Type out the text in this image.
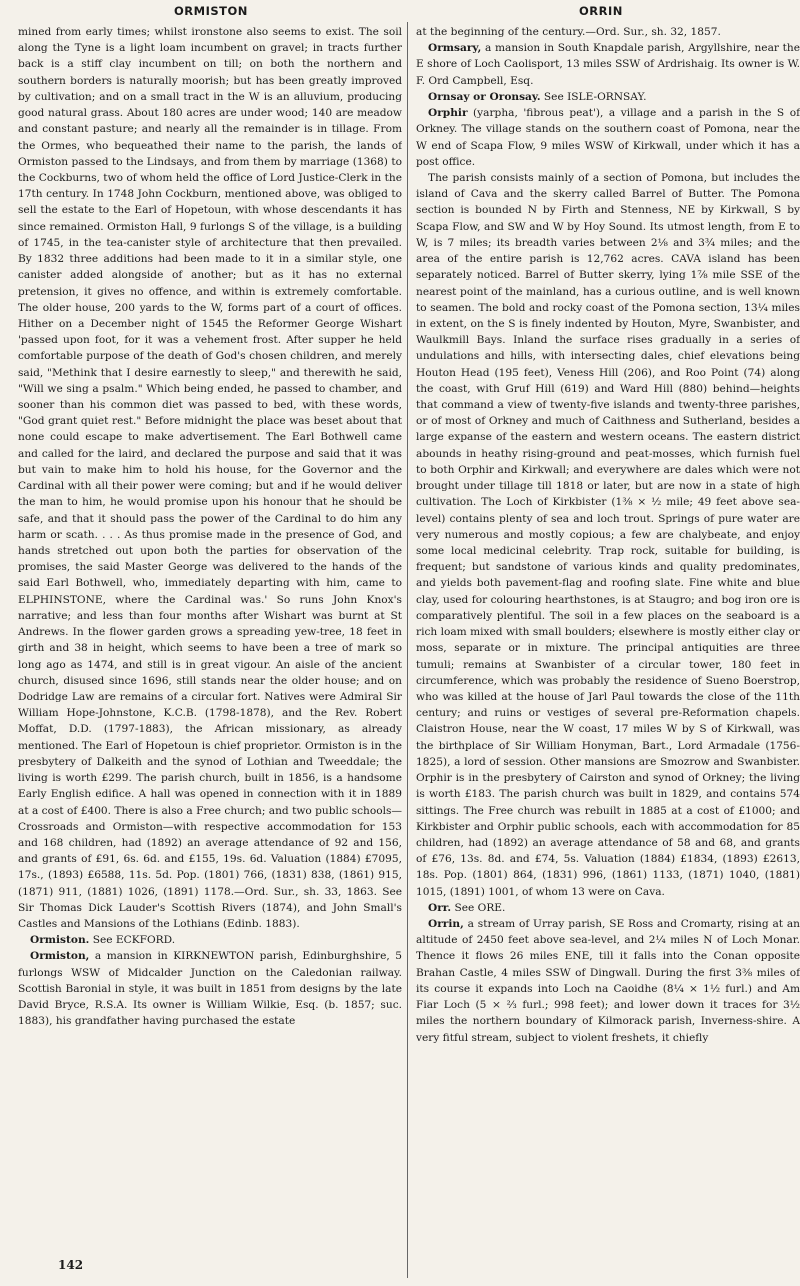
ORMISTON	ORRIN

mined from early times; whilst ironstone also seems to exist. The soil along the Tyne is a light loam incumbent on gravel; in tracts further back is a stiff clay incumbent on till; on both the northern and southern borders is naturally moorish; but has been greatly improved by cultivation; and on a small tract in the W is an alluvium, producing good natural grass. About 180 acres are under wood; 140 are meadow and constant pasture; and nearly all the remainder is in tillage. From the Ormes, who bequeathed their name to the parish, the lands of Ormiston passed to the Lindsays, and from them by marriage (1368) to the Cockburns, two of whom held the office of Lord Justice-Clerk in the 17th century. In 1748 John Cockburn, mentioned above, was obliged to sell the estate to the Earl of Hopetoun, with whose descendants it has since remained. Ormiston Hall, 9 furlongs S of the village, is a building of 1745, in the tea-canister style of architecture that then prevailed. By 1832 three additions had been made to it in a similar style, one canister added alongside of another; but as it has no external pretension, it gives no offence, and within is extremely comfortable. The older house, 200 yards to the W, forms part of a court of offices. Hither on a December night of 1545 the Reformer George Wishart 'passed upon foot, for it was a vehement frost. After supper he held comfortable purpose of the death of God's chosen children, and merely said, "Methink that I desire earnestly to sleep," and therewith he said, "Will we sing a psalm." Which being ended, he passed to chamber, and sooner than his common diet was passed to bed, with these words, "God grant quiet rest." Before midnight the place was beset about that none could escape to make advertisement. The Earl Bothwell came and called for the laird, and declared the purpose and said that it was but vain to make him to hold his house, for the Governor and the Cardinal with all their power were coming; but and if he would deliver the man to him, he would promise upon his honour that he should be safe, and that it should pass the power of the Cardinal to do him any harm or scath. . . . As thus promise made in the presence of God, and hands stretched out upon both the parties for observation of the promises, the said Master George was delivered to the hands of the said Earl Bothwell, who, immediately departing with him, came to ELPHINSTONE, where the Cardinal was.' So runs John Knox's narrative; and less than four months after Wishart was burnt at St Andrews. In the flower garden grows a spreading yew-tree, 18 feet in girth and 38 in height, which seems to have been a tree of mark so long ago as 1474, and still is in great vigour. An aisle of the ancient church, disused since 1696, still stands near the older house; and on Dodridge Law are remains of a circular fort. Natives were Admiral Sir William Hope-Johnstone, K.C.B. (1798-1878), and the Rev. Robert Moffat, D.D. (1797-1883), the African missionary, as already mentioned. The Earl of Hopetoun is chief proprietor. Ormiston is in the presbytery of Dalkeith and the synod of Lothian and Tweeddale; the living is worth £299. The parish church, built in 1856, is a handsome Early English edifice. A hall was opened in connection with it in 1889 at a cost of £400. There is also a Free church; and two public schools—Crossroads and Ormiston—with respective accommodation for 153 and 168 children, had (1892) an average attendance of 92 and 156, and grants of £91, 6s. 6d. and £155, 19s. 6d. Valuation (1884) £7095, 17s., (1893) £6588, 11s. 5d. Pop. (1801) 766, (1831) 838, (1861) 915, (1871) 911, (1881) 1026, (1891) 1178.—Ord. Sur., sh. 33, 1863. See Sir Thomas Dick Lauder's Scottish Rivers (1874), and John Small's Castles and Mansions of the Lothians (Edinb. 1883).

Ormiston. See ECKFORD.

Ormiston, a mansion in KIRKNEWTON parish, Edinburghshire, 5 furlongs WSW of Midcalder Junction on the Caledonian railway. Scottish Baronial in style, it was built in 1851 from designs by the late David Bryce, R.S.A. Its owner is William Wilkie, Esq. (b. 1857; suc. 1883), his grandfather having purchased the estate

at the beginning of the century.—Ord. Sur., sh. 32, 1857.

Ormsary, a mansion in South Knapdale parish, Argyllshire, near the E shore of Loch Caolisport, 13 miles SSW of Ardrishaig. Its owner is W. F. Ord Campbell, Esq.

Ornsay or Oronsay. See ISLE-ORNSAY.

Orphir (yarpha, 'fibrous peat'), a village and a parish in the S of Orkney. The village stands on the southern coast of Pomona, near the W end of Scapa Flow, 9 miles WSW of Kirkwall, under which it has a post office.

The parish consists mainly of a section of Pomona, but includes the island of Cava and the skerry called Barrel of Butter. The Pomona section is bounded N by Firth and Stenness, NE by Kirkwall, S by Scapa Flow, and SW and W by Hoy Sound. Its utmost length, from E to W, is 7 miles; its breadth varies between 2⅛ and 3¾ miles; and the area of the entire parish is 12,762 acres. CAVA island has been separately noticed. Barrel of Butter skerry, lying 1⅞ mile SSE of the nearest point of the mainland, has a curious outline, and is well known to seamen. The bold and rocky coast of the Pomona section, 13¼ miles in extent, on the S is finely indented by Houton, Myre, Swanbister, and Waulkmill Bays. Inland the surface rises gradually in a series of undulations and hills, with intersecting dales, chief elevations being Houton Head (195 feet), Veness Hill (206), and Roo Point (74) along the coast, with Gruf Hill (619) and Ward Hill (880) behind—heights that command a view of twenty-five islands and twenty-three parishes, or of most of Orkney and much of Caithness and Sutherland, besides a large expanse of the eastern and western oceans. The eastern district abounds in heathy rising-ground and peat-mosses, which furnish fuel to both Orphir and Kirkwall; and everywhere are dales which were not brought under tillage till 1818 or later, but are now in a state of high cultivation. The Loch of Kirkbister (1⅜ × ½ mile; 49 feet above sea-level) contains plenty of sea and loch trout. Springs of pure water are very numerous and mostly copious; a few are chalybeate, and enjoy some local medicinal celebrity. Trap rock, suitable for building, is frequent; but sandstone of various kinds and quality predominates, and yields both pavement-flag and roofing slate. Fine white and blue clay, used for colouring hearthstones, is at Staugro; and bog iron ore is comparatively plentiful. The soil in a few places on the seaboard is a rich loam mixed with small boulders; elsewhere is mostly either clay or moss, separate or in mixture. The principal antiquities are three tumuli; remains at Swanbister of a circular tower, 180 feet in circumference, which was probably the residence of Sueno Boerstrop, who was killed at the house of Jarl Paul towards the close of the 11th century; and ruins or vestiges of several pre-Reformation chapels. Claistron House, near the W coast, 17 miles W by S of Kirkwall, was the birthplace of Sir William Honyman, Bart., Lord Armadale (1756-1825), a lord of session. Other mansions are Smozrow and Swanbister. Orphir is in the presbytery of Cairston and synod of Orkney; the living is worth £183. The parish church was built in 1829, and contains 574 sittings. The Free church was rebuilt in 1885 at a cost of £1000; and Kirkbister and Orphir public schools, each with accommodation for 85 children, had (1892) an average attendance of 58 and 68, and grants of £76, 13s. 8d. and £74, 5s. Valuation (1884) £1834, (1893) £2613, 18s. Pop. (1801) 864, (1831) 996, (1861) 1133, (1871) 1040, (1881) 1015, (1891) 1001, of whom 13 were on Cava.

Orr. See ORE.

Orrin, a stream of Urray parish, SE Ross and Cromarty, rising at an altitude of 2450 feet above sea-level, and 2¼ miles N of Loch Monar. Thence it flows 26 miles ENE, till it falls into the Conan opposite Brahan Castle, 4 miles SSW of Dingwall. During the first 3⅜ miles of its course it expands into Loch na Caoidhe (8¼ × 1½ furl.) and Am Fiar Loch (5 × ⅔ furl.; 998 feet); and lower down it traces for 3½ miles the northern boundary of Kilmorack parish, Inverness-shire. A very fitful stream, subject to violent freshets, it chiefly

142
